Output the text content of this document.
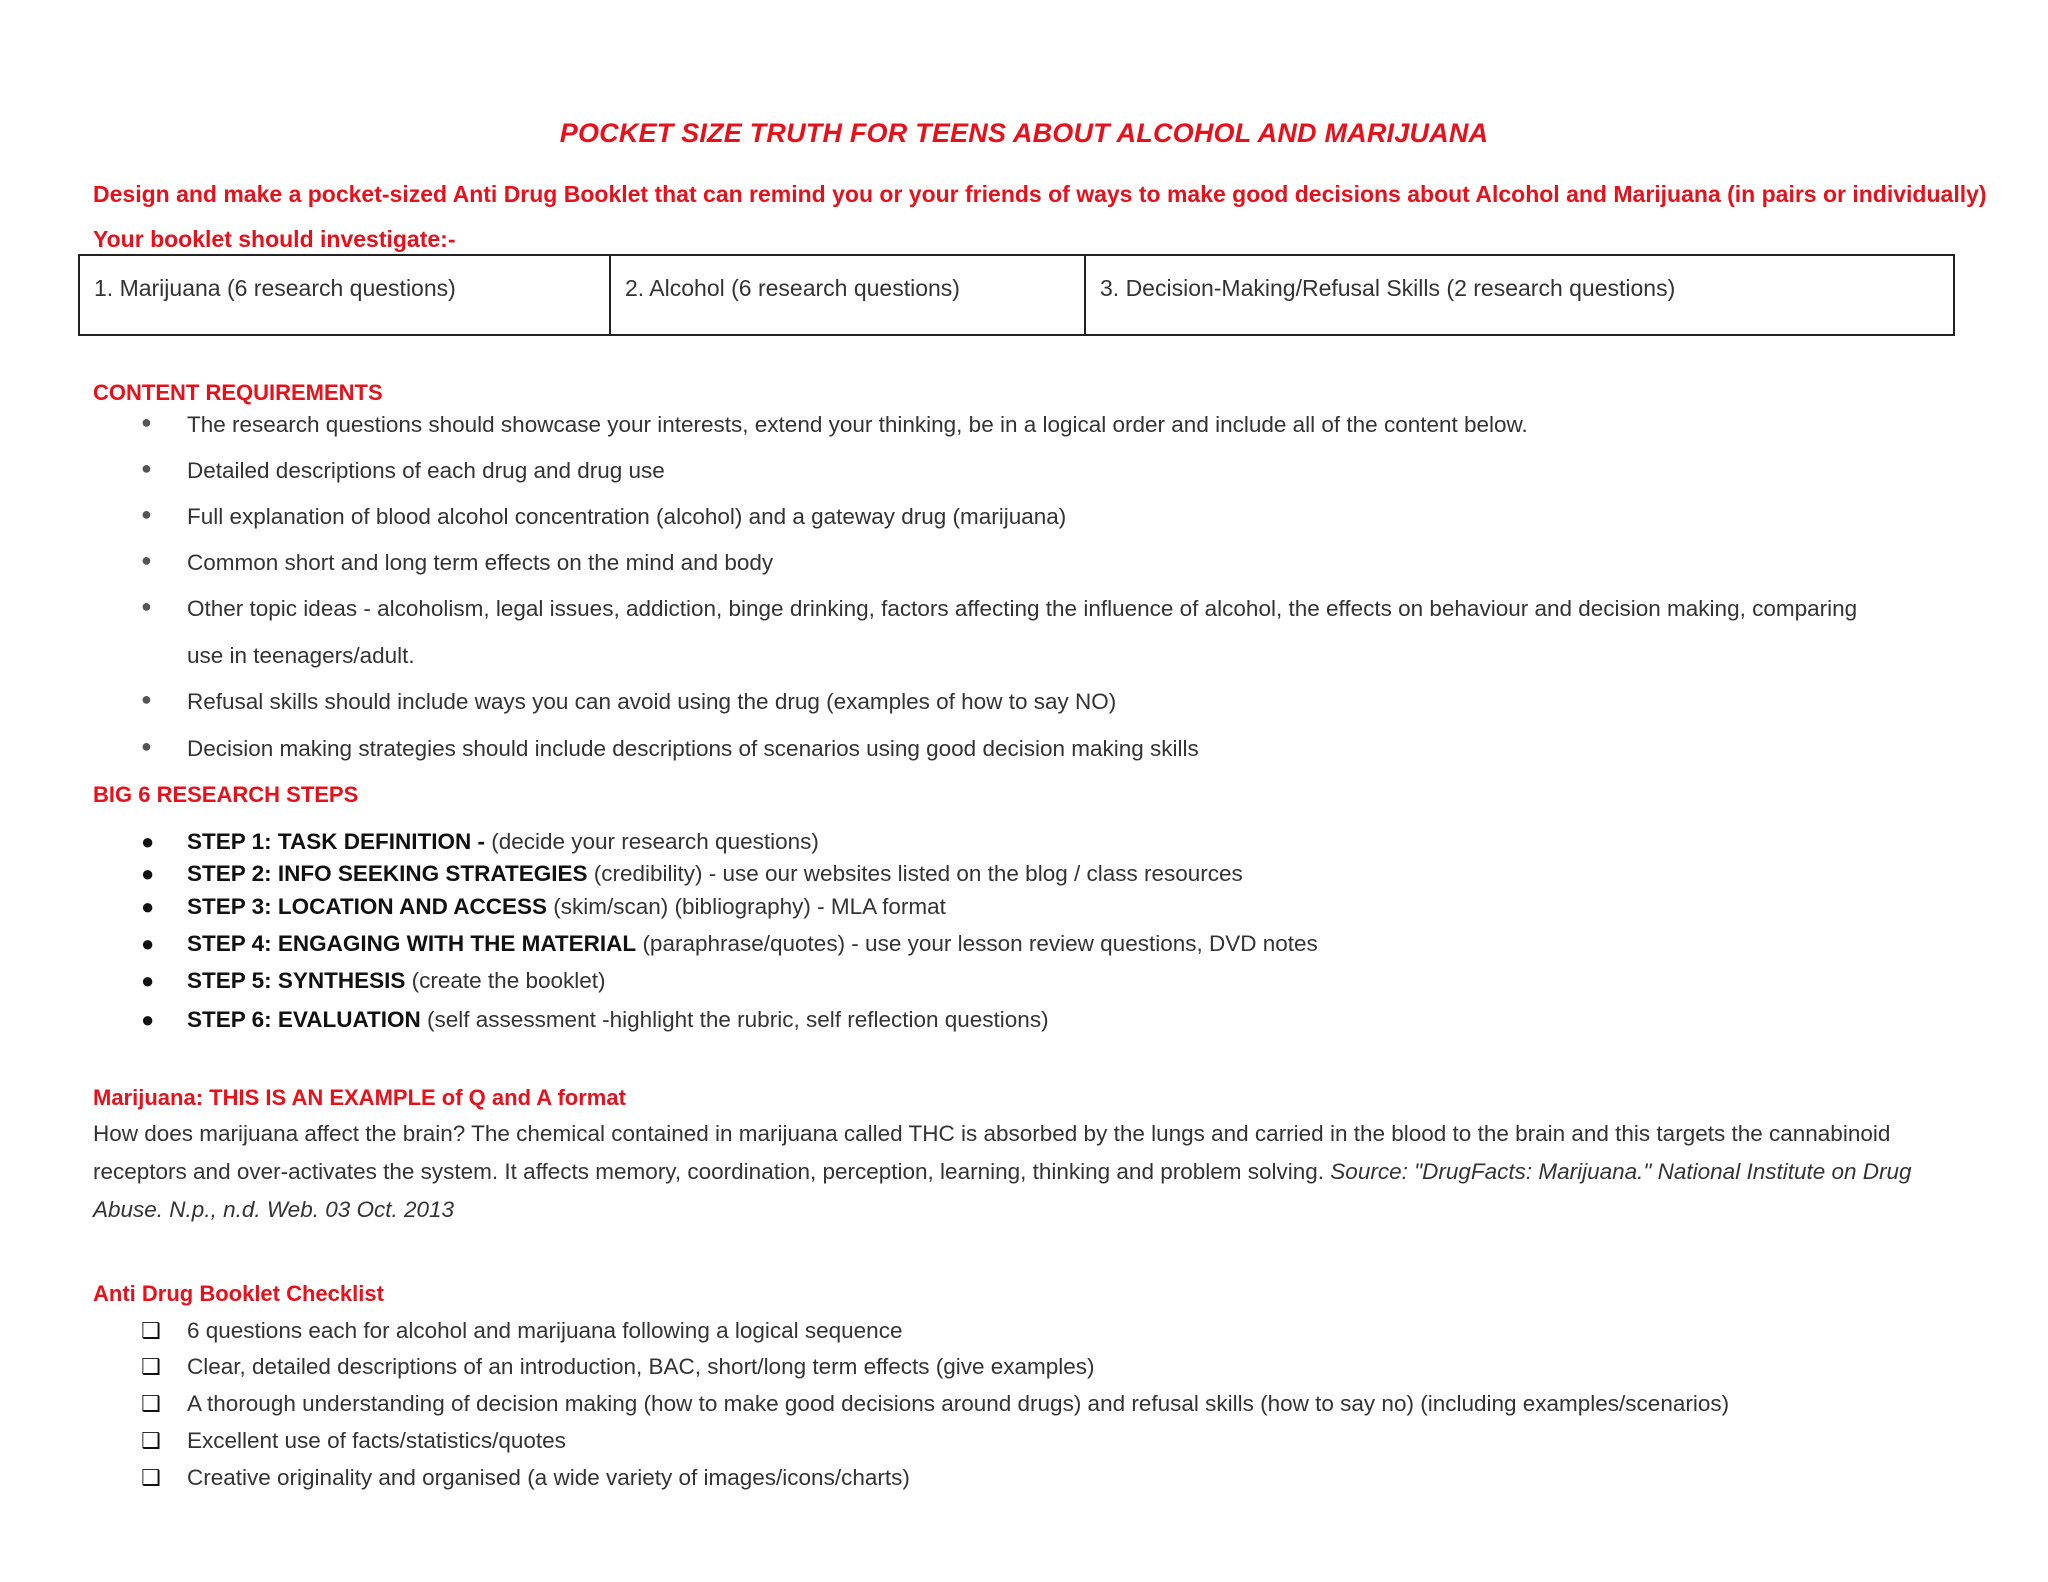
POCKET SIZE TRUTH FOR TEENS ABOUT ALCOHOL AND MARIJUANA
Design and make a pocket-sized Anti Drug Booklet that can remind you or your friends of ways to make good decisions about Alcohol and Marijuana (in pairs or individually)
Your booklet should investigate:-
1. Marijuana (6 research questions)	2. Alcohol (6 research questions)	3. Decision-Making/Refusal Skills (2 research questions)
CONTENT REQUIREMENTS
● The research questions should showcase your interests, extend your thinking, be in a logical order and include all of the content below.
● Detailed descriptions of each drug and drug use
● Full explanation of blood alcohol concentration (alcohol) and a gateway drug (marijuana)
● Common short and long term effects on the mind and body
● Other topic ideas - alcoholism, legal issues, addiction, binge drinking, factors affecting the influence of alcohol, the effects on behaviour and decision making, comparing
use in teenagers/adult.
● Refusal skills should include ways you can avoid using the drug (examples of how to say NO)
● Decision making strategies should include descriptions of scenarios using good decision making skills
BIG 6 RESEARCH STEPS
● STEP 1: TASK DEFINITION - (decide your research questions)
● STEP 2: INFO SEEKING STRATEGIES (credibility) - use our websites listed on the blog / class resources
● STEP 3: LOCATION AND ACCESS (skim/scan) (bibliography) - MLA format
● STEP 4: ENGAGING WITH THE MATERIAL (paraphrase/quotes) - use your lesson review questions, DVD notes
● STEP 5: SYNTHESIS (create the booklet)
● STEP 6: EVALUATION (self assessment -highlight the rubric, self reflection questions)
Marijuana: THIS IS AN EXAMPLE of Q and A format
How does marijuana affect the brain? The chemical contained in marijuana called THC is absorbed by the lungs and carried in the blood to the brain and this targets the cannabinoid receptors and over-activates the system. It affects memory, coordination, perception, learning, thinking and problem solving. Source: "DrugFacts: Marijuana." National Institute on Drug Abuse. N.p., n.d. Web. 03 Oct. 2013
Anti Drug Booklet Checklist
❑ 6 questions each for alcohol and marijuana following a logical sequence
❑ Clear, detailed descriptions of an introduction, BAC, short/long term effects (give examples)
❑ A thorough understanding of decision making (how to make good decisions around drugs) and refusal skills (how to say no) (including examples/scenarios)
❑ Excellent use of facts/statistics/quotes
❑ Creative originality and organised (a wide variety of images/icons/charts)
